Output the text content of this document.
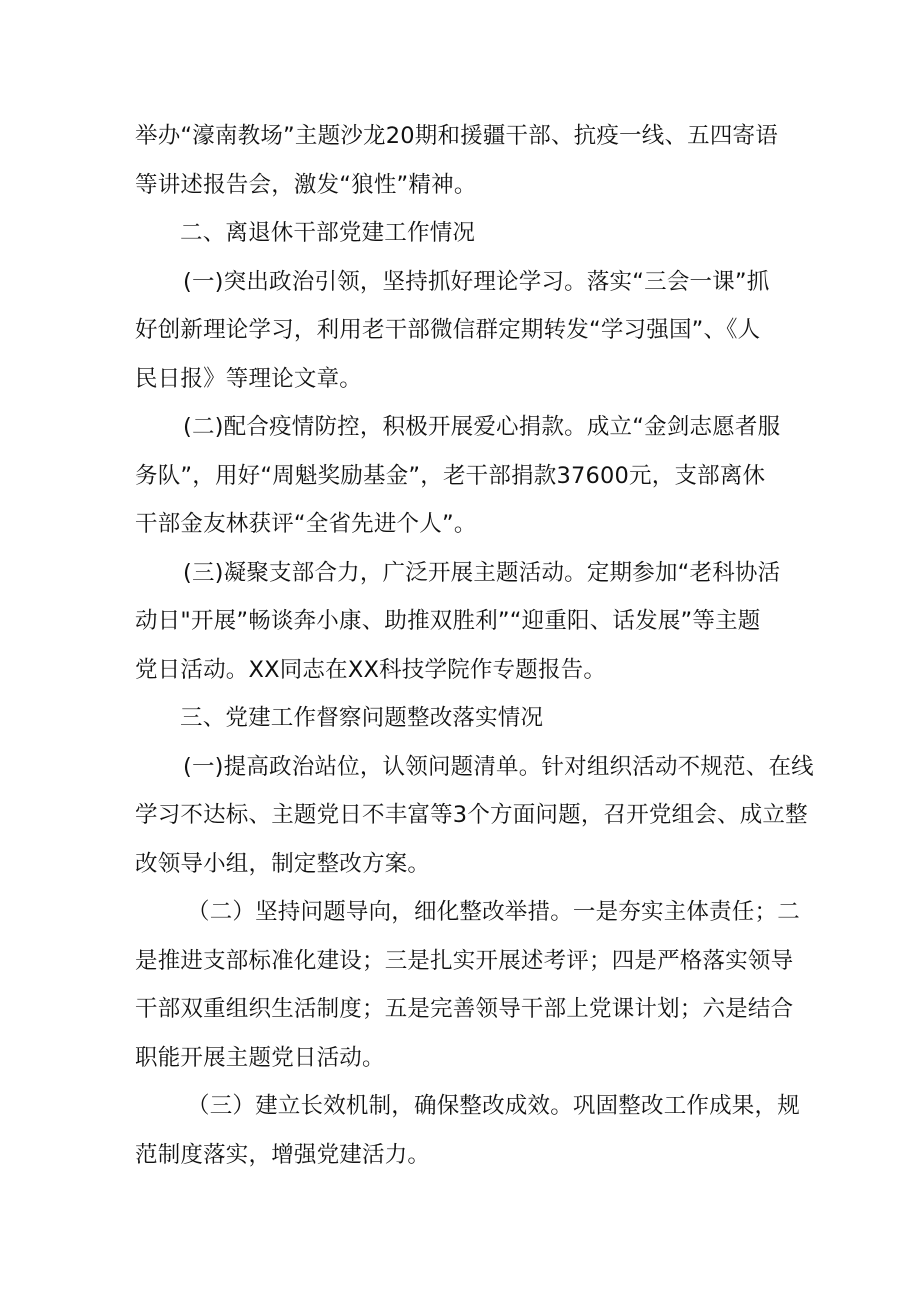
举办“濠南教场”主题沙龙20期和援疆干部、抗疫一线、五四寄语
等讲述报告会，激发“狼性”精神。
二、离退休干部党建工作情况
(一)突出政治引领，坚持抓好理论学习。落实“三会一课”抓
好创新理论学习，利用老干部微信群定期转发“学习强国”、《人
民日报》等理论文章。
(二)配合疫情防控，积极开展爱心捐款。成立“金剑志愿者服
务队”，用好“周魁奖励基金”，老干部捐款37600元，支部离休
干部金友林获评“全省先进个人”。
(三)凝聚支部合力，广泛开展主题活动。定期参加“老科协活
动日"开展”畅谈奔小康、助推双胜利”“迎重阳、话发展”等主题
党日活动。XX同志在XX科技学院作专题报告。
三、党建工作督察问题整改落实情况
(一)提高政治站位，认领问题清单。针对组织活动不规范、在线
学习不达标、主题党日不丰富等3个方面问题，召开党组会、成立整
改领导小组，制定整改方案。
（二）坚持问题导向，细化整改举措。一是夯实主体责任；二
是推进支部标准化建设；三是扎实开展述考评；四是严格落实领导
干部双重组织生活制度；五是完善领导干部上党课计划；六是结合
职能开展主题党日活动。
（三）建立长效机制，确保整改成效。巩固整改工作成果，规
范制度落实，增强党建活力。
